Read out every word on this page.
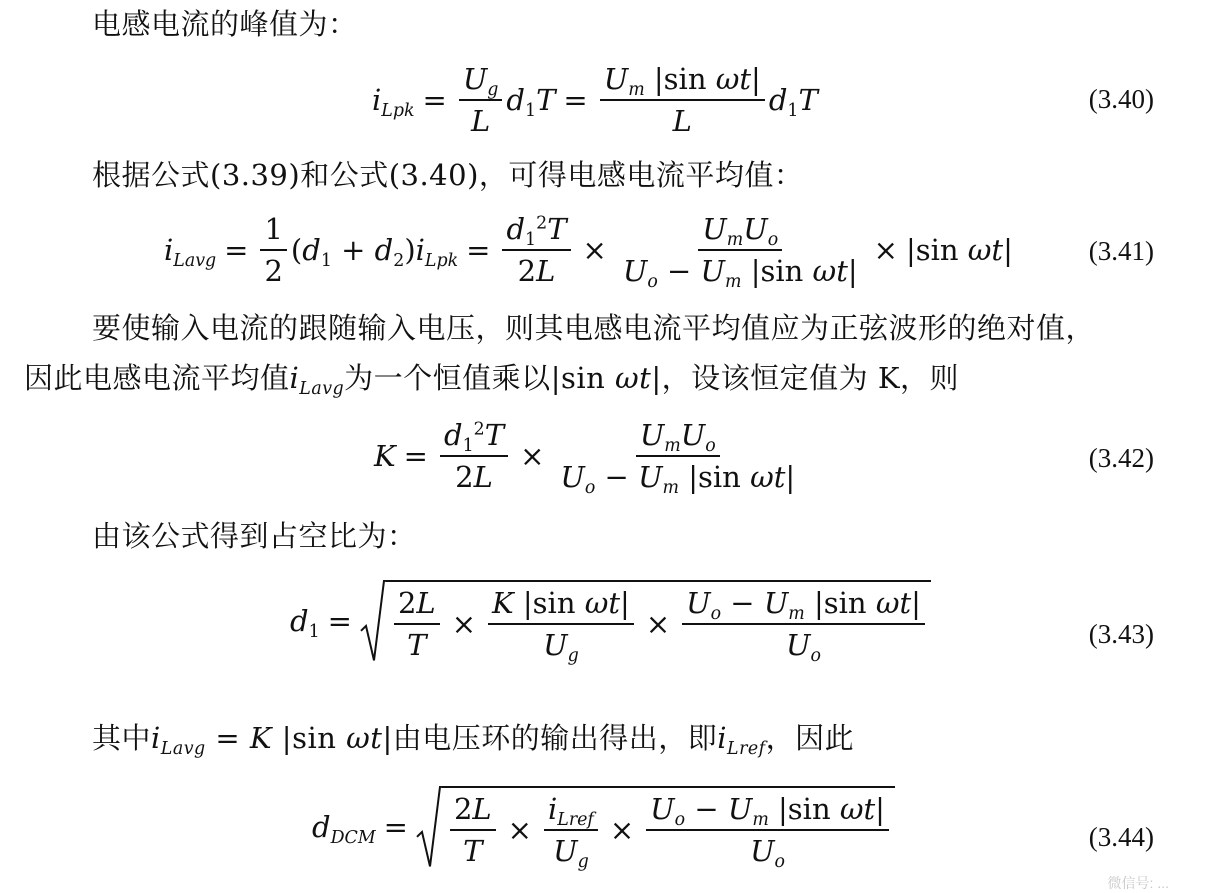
电感电流的峰值为：
$i_{Lpk} = \frac{U_g}{L} d_1T = \frac{U_m |\sin \omega t|}{L} d_1T$	(3.40)
根据公式(3.39)和公式(3.40)，可得电感电流平均值：
$i_{Lavg} = \frac{1}{2} (d_1 + d_2)i_{Lpk} = \frac{d_1^2T}{2L} \times \frac{U_mU_o}{U_o - U_m |\sin \omega t|} \times |\sin$ ωt|	(3.41)
要使输入电流的跟随输入电压，则其电感电流平均值应为正弦波形的绝对值，
因此电感电流平均值$i_{Lavg}$为一个恒值乘以|sin ωt|，设该恒定值为 K，则
$K = \frac{d_1^2T}{2L} \times \frac{U_mU_o}{U_o - U_m |\sin \omega t|}$	(3.42)
由该公式得到占空比为：
$d_1 = \frac{2L}{T} \times \frac{\text{K |sin ωt|}}{U_g} \times \frac{U_o - U_m |\sin \omega t|}{U_o}$	(3.43)
其中$i_{Lavg} = K$ |sin ωt|由电压环的输出得出，即$i_{Lref}$，因此
$d_{DCM} = \frac{2L}{T} \times \frac{i_{Lref}}{U_g} \times \frac{U_o - U_m |\sin \omega t|}{U_o}$	(3.44)
微信号: ...
